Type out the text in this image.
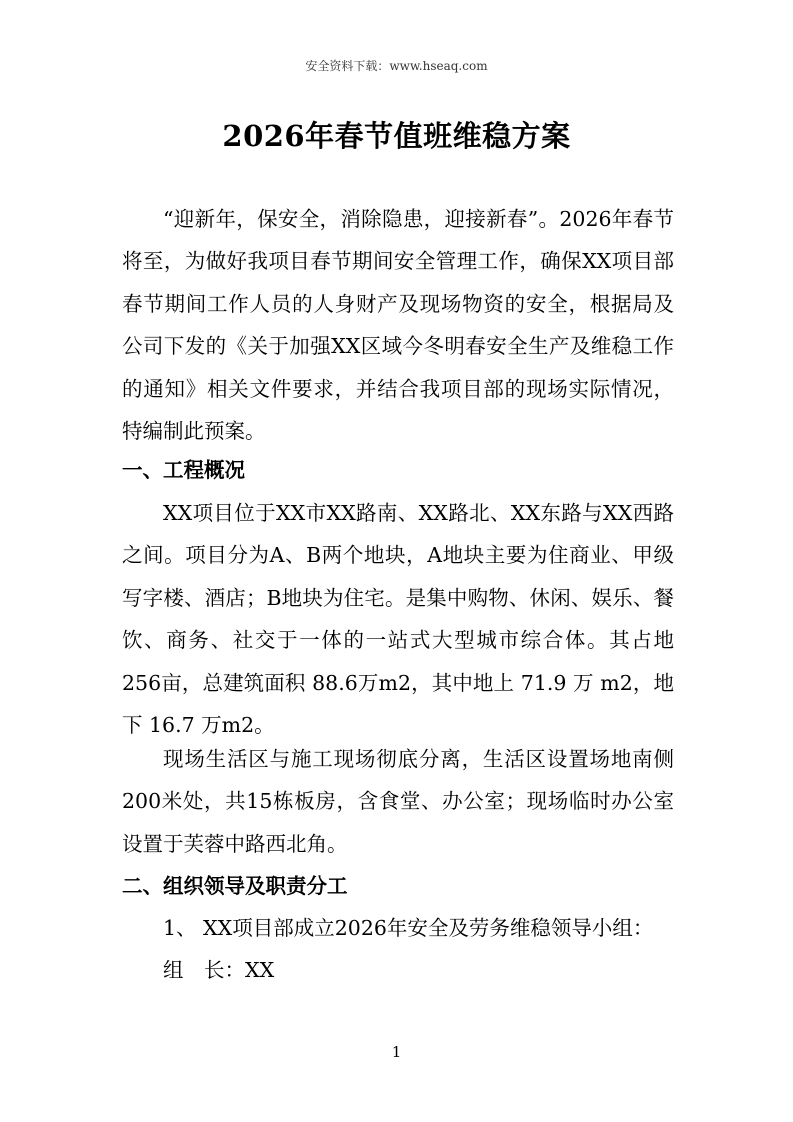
安全资料下载：www.hseaq.com
2026年春节值班维稳方案
“迎新年，保安全，消除隐患，迎接新春”。2026年春节将至，为做好我项目春节期间安全管理工作，确保XX项目部春节期间工作人员的人身财产及现场物资的安全，根据局及公司下发的《关于加强XX区域今冬明春安全生产及维稳工作的通知》相关文件要求，并结合我项目部的现场实际情况，特编制此预案。
一、工程概况
XX项目位于XX市XX路南、XX路北、XX东路与XX西路之间。项目分为A、B两个地块，A地块主要为住商业、甲级写字楼、酒店；B地块为住宅。是集中购物、休闲、娱乐、餐饮、商务、社交于一体的一站式大型城市综合体。其占地 256亩，总建筑面积 88.6万m2，其中地上 71.9 万 m2，地下 16.7 万m2。
现场生活区与施工现场彻底分离，生活区设置场地南侧200米处，共15栋板房，含食堂、办公室；现场临时办公室设置于芙蓉中路西北角。
二、组织领导及职责分工
1、 XX项目部成立2026年安全及劳务维稳领导小组：
组　长：XX
1
